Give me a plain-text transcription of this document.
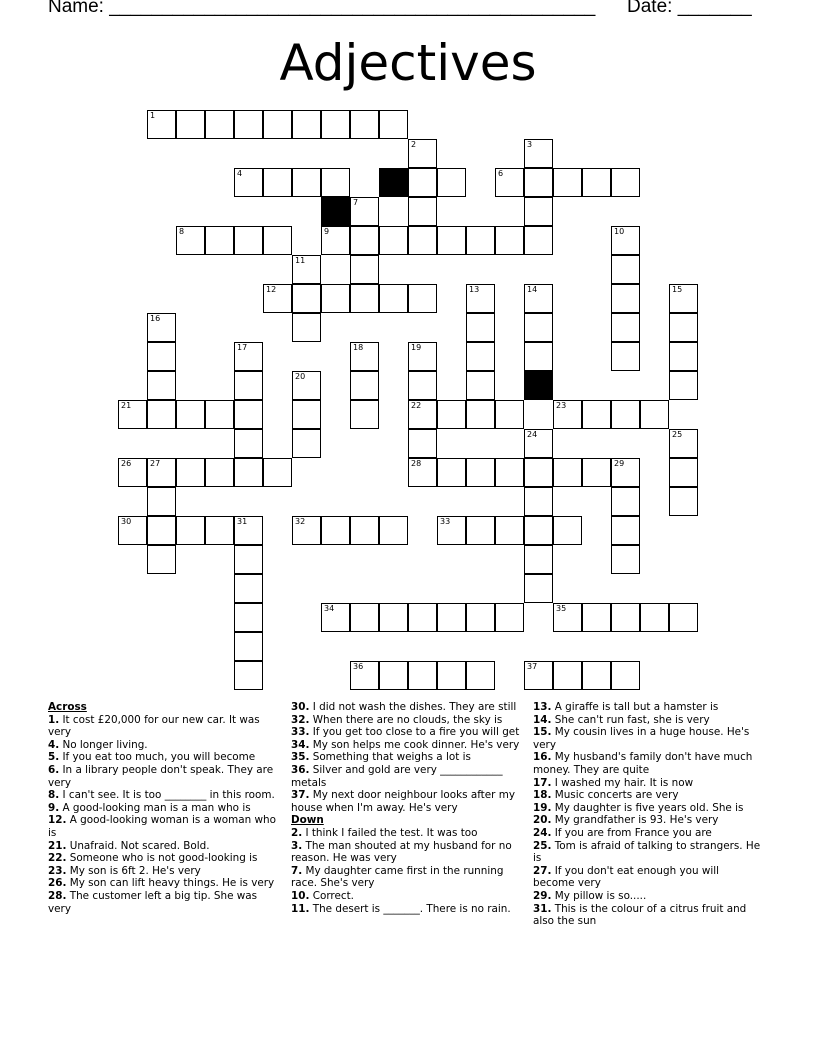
Name: ______________________________________________ Date: _______
Adjectives
1
2	3
4	5	6
7
8	9	10
11
12	13	14	15
16
17	18	19
20
21	22	23
24	25
26 27	28	29
30	31	32	33
34	35
36	37
Across
1. It cost £20,000 for our new car. It was very
4. No longer living.
5. If you eat too much, you will become
6. In a library people don't speak. They are very
8. I can't see. It is too ________ in this room.
9. A good-looking man is a man who is
12. A good-looking woman is a woman who is
21. Unafraid. Not scared. Bold.
22. Someone who is not good-looking is
23. My son is 6ft 2. He's very
26. My son can lift heavy things. He is very
28. The customer left a big tip. She was very
30. I did not wash the dishes. They are still
32. When there are no clouds, the sky is
33. If you get too close to a fire you will get
34. My son helps me cook dinner. He's very
35. Something that weighs a lot is
36. Silver and gold are very ____________ metals
37. My next door neighbour looks after my house when I'm away. He's very
Down
2. I think I failed the test. It was too
3. The man shouted at my husband for no reason. He was very
7. My daughter came first in the running race. She's very
10. Correct.
11. The desert is _______. There is no rain.
13. A giraffe is tall but a hamster is
14. She can't run fast, she is very
15. My cousin lives in a huge house. He's very
16. My husband's family don't have much money. They are quite
17. I washed my hair. It is now
18. Music concerts are very
19. My daughter is five years old. She is
20. My grandfather is 93. He's very
24. If you are from France you are
25. Tom is afraid of talking to strangers. He is
27. If you don't eat enough you will become very
29. My pillow is so.....
31. This is the colour of a citrus fruit and also the sun
